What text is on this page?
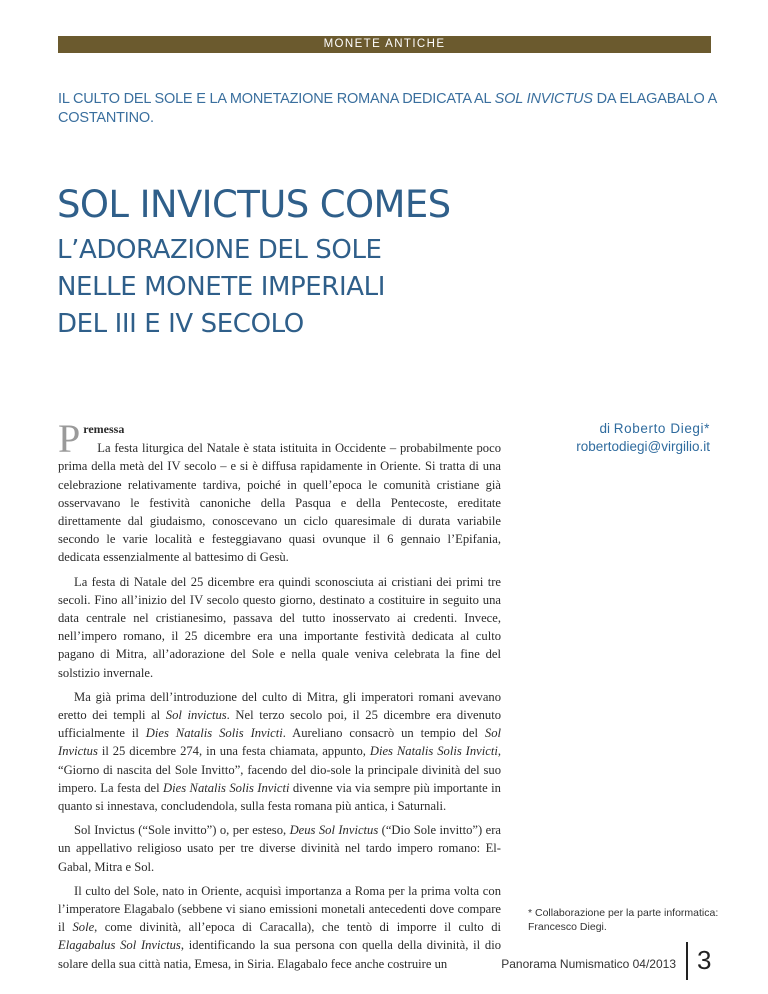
MONETE ANTICHE
IL CULTO DEL SOLE E LA MONETAZIONE ROMANA DEDICATA AL SOL INVICTUS DA ELAGABALO A COSTANTINO.
SOL INVICTUS COMES
L’ADORAZIONE DEL SOLE
NELLE MONETE IMPERIALI
DEL III E IV SECOLO

P remessa
La festa liturgica del Natale è stata istituita in Occidente – probabilmente poco prima della metà del IV secolo – e si è diffusa rapidamente in Oriente. Si tratta di una celebrazione relativamente tardiva, poiché in quell’epoca le comunità cristiane già osservavano le festività canoniche della Pasqua e della Pentecoste, ereditate direttamente dal giudaismo, conoscevano un ciclo quaresimale di durata variabile secondo le varie località e festeggiavano quasi ovunque il 6 gennaio l’Epifania, dedicata essenzialmente al battesimo di Gesù.

La festa di Natale del 25 dicembre era quindi sconosciuta ai cristiani dei primi tre secoli. Fino all’inizio del IV secolo questo giorno, destinato a costituire in seguito una data centrale nel cristianesimo, passava del tutto inosservato ai credenti. Invece, nell’impero romano, il 25 dicembre era una importante festività dedicata al culto pagano di Mitra, all’adorazione del Sole e nella quale veniva celebrata la fine del solstizio invernale.

Ma già prima dell’introduzione del culto di Mitra, gli imperatori romani avevano eretto dei templi al Sol invictus. Nel terzo secolo poi, il 25 dicembre era divenuto ufficialmente il Dies Natalis Solis Invicti. Aureliano consacrò un tempio del Sol Invictus il 25 dicembre 274, in una festa chiamata, appunto, Dies Natalis Solis Invicti, “Giorno di nascita del Sole Invitto”, facendo del dio-sole la principale divinità del suo impero. La festa del Dies Natalis Solis Invicti divenne via via sempre più importante in quanto si innestava, concludendola, sulla festa romana più antica, i Saturnali.

Sol Invictus (“Sole invitto”) o, per esteso, Deus Sol Invictus (“Dio Sole invitto”) era un appellativo religioso usato per tre diverse divinità nel tardo impero romano: El-Gabal, Mitra e Sol.

Il culto del Sole, nato in Oriente, acquisì importanza a Roma per la prima volta con l’imperatore Elagabalo (sebbene vi siano emissioni monetali antecedenti dove compare il Sole, come divinità, all’epoca di Caracalla), che tentò di imporre il culto di Elagabalus Sol Invictus, identificando la sua persona con quella della divinità, il dio solare della sua città natia, Emesa, in Siria. Elagabalo fece anche costruire un

di Roberto Diegi*
robertodiegi@virgilio.it
* Collaborazione per la parte informatica: Francesco Diegi.
Panorama Numismatico 04/2013 3
